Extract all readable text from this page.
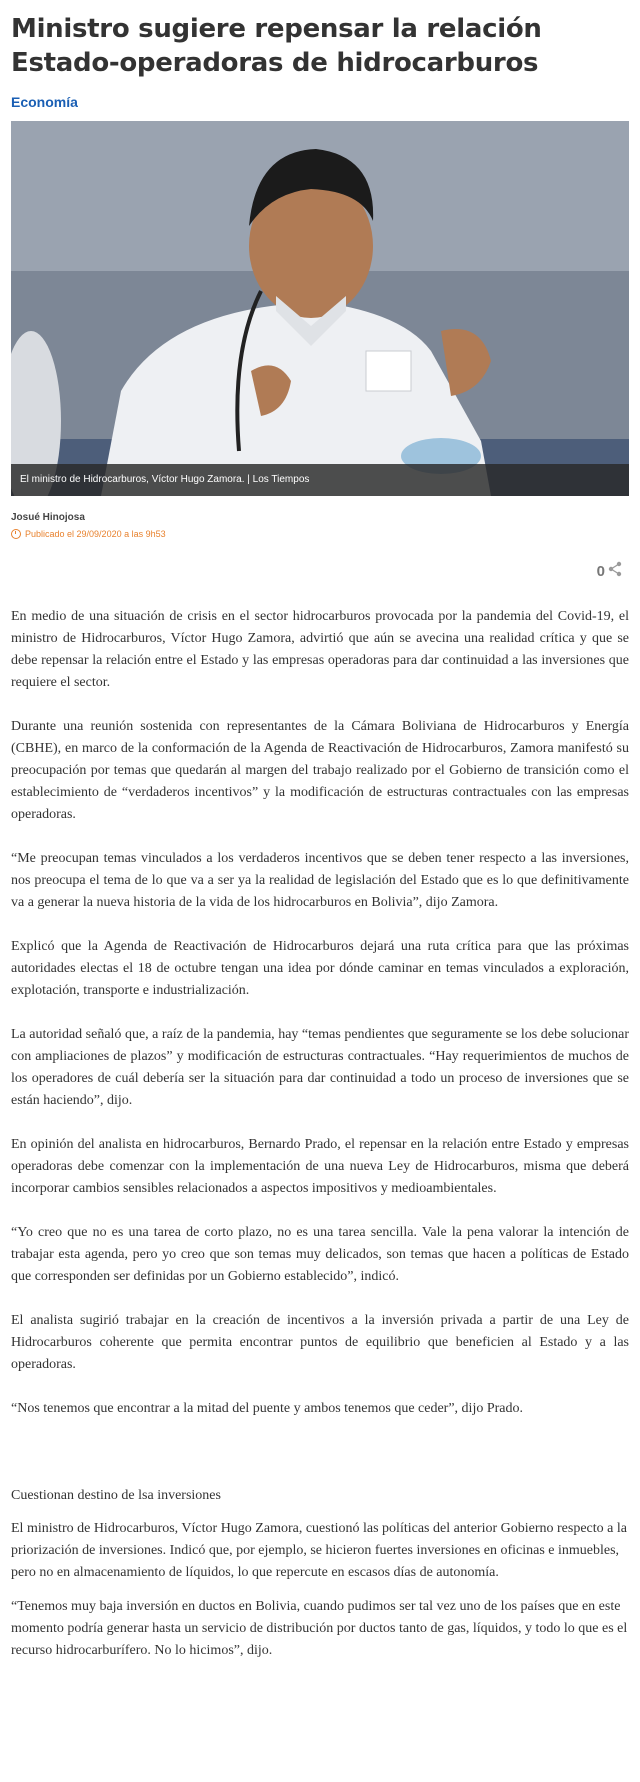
Ministro sugiere repensar la relación Estado-operadoras de hidrocarburos
Economía
El ministro de Hidrocarburos, Víctor Hugo Zamora. | Los Tiempos
Josué Hinojosa
Publicado el 29/09/2020 a las 9h53
0

En medio de una situación de crisis en el sector hidrocarburos provocada por la pandemia del Covid-19, el ministro de Hidrocarburos, Víctor Hugo Zamora, advirtió que aún se avecina una realidad crítica y que se debe repensar la relación entre el Estado y las empresas operadoras para dar continuidad a las inversiones que requiere el sector.

Durante una reunión sostenida con representantes de la Cámara Boliviana de Hidrocarburos y Energía (CBHE), en marco de la conformación de la Agenda de Reactivación de Hidrocarburos, Zamora manifestó su preocupación por temas que quedarán al margen del trabajo realizado por el Gobierno de transición como el establecimiento de “verdaderos incentivos” y la modificación de estructuras contractuales con las empresas operadoras.

“Me preocupan temas vinculados a los verdaderos incentivos que se deben tener respecto a las inversiones, nos preocupa el tema de lo que va a ser ya la realidad de legislación del Estado que es lo que definitivamente va a generar la nueva historia de la vida de los hidrocarburos en Bolivia”, dijo Zamora.

Explicó que la Agenda de Reactivación de Hidrocarburos dejará una ruta crítica para que las próximas autoridades electas el 18 de octubre tengan una idea por dónde caminar en temas vinculados a exploración, explotación, transporte e industrialización.

La autoridad señaló que, a raíz de la pandemia, hay “temas pendientes que seguramente se los debe solucionar con ampliaciones de plazos” y modificación de estructuras contractuales. “Hay requerimientos de muchos de los operadores de cuál debería ser la situación para dar continuidad a todo un proceso de inversiones que se están haciendo”, dijo.

En opinión del analista en hidrocarburos, Bernardo Prado, el repensar en la relación entre Estado y empresas operadoras debe comenzar con la implementación de una nueva Ley de Hidrocarburos, misma que deberá incorporar cambios sensibles relacionados a aspectos impositivos y medioambientales.

“Yo creo que no es una tarea de corto plazo, no es una tarea sencilla. Vale la pena valorar la intención de trabajar esta agenda, pero yo creo que son temas muy delicados, son temas que hacen a políticas de Estado que corresponden ser definidas por un Gobierno establecido”, indicó.

El analista sugirió trabajar en la creación de incentivos a la inversión privada a partir de una Ley de Hidrocarburos coherente que permita encontrar puntos de equilibrio que beneficien al Estado y a las operadoras.

“Nos tenemos que encontrar a la mitad del puente y ambos tenemos que ceder”, dijo Prado.

Cuestionan destino de lsa inversiones

El ministro de Hidrocarburos, Víctor Hugo Zamora, cuestionó las políticas del anterior Gobierno respecto a la priorización de inversiones. Indicó que, por ejemplo, se hicieron fuertes inversiones en oficinas e inmuebles, pero no en almacenamiento de líquidos, lo que repercute en escasos días de autonomía.

“Tenemos muy baja inversión en ductos en Bolivia, cuando pudimos ser tal vez uno de los países que en este momento podría generar hasta un servicio de distribución por ductos tanto de gas, líquidos, y todo lo que es el recurso hidrocarburífero. No lo hicimos”, dijo.
